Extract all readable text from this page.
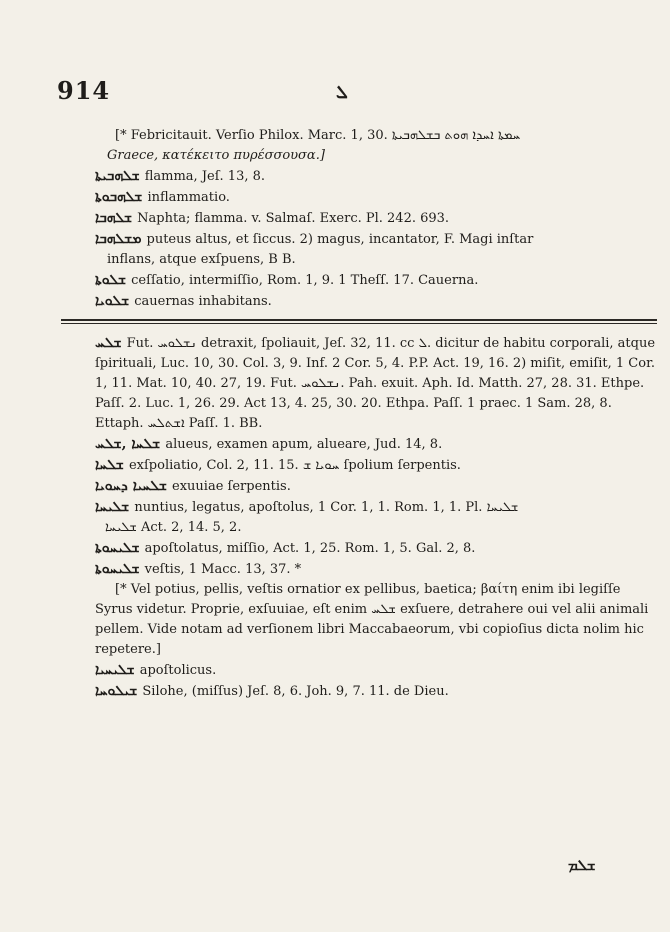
914	ܠ
[* Febricitauit. Verſio Philox. Marc. 1, 30. ܚܡܬܐ ܐܚܕܐ ܗܘܬ ܒܫܠܗܒܝܬܐ
Graece, κατέκειτο πυρέσσουσα.]
ܫܠܗܒܝܬܐ flamma, Jeſ. 13, 8.
ܫܠܗܒܘܬܐ inflammatio.
ܫܠܗܒܐ Naphta; flamma. v. Salmaſ. Exerc. Pl. 242. 693.
ܡܫܠܗܒܐ puteus altus, et ſiccus. 2) magus, incantator, F. Magi inſtar
inflans, atque exſpuens, B B.
ܫܠܘܬܐ ceſſatio, intermiſſio, Rom. 1, 9. 1 Theſſ. 17. Cauerna.
ܫܠܘܝܐ cauernas inhabitans.
ܫܠܚ Fut. ܢܫܠܘܚ detraxit, ſpoliauit, Jeſ. 32, 11. cc ܠ. dicitur de habitu corporali, atque ſpirituali, Luc. 10, 30. Col. 3, 9. Inf. 2 Cor. 5, 4. P.P. Act. 19, 16. 2) miſit, emiſit, 1 Cor. 1, 11. Mat. 10, 40. 27, 19. Fut. ܢܫܠܘܚ. Pah. exuit. Aph. Id. Matth. 27, 28. 31. Ethpe. Paſſ. 2. Luc. 1, 26. 29. Act 13, 4. 25, 30. 20. Ethpa. Paſſ. 1 praec. 1 Sam. 28, 8. Ettaph. ܐܫܬܠܚ Paſſ. 1. BB.
ܫܠܚܐ ,ܫܠܚ alueus, examen apum, alueare, Jud. 14, 8.
ܫܠܚܐ exſpoliatio, Col. 2, 11. 15. ܚܘܝܐ ܫ ſpolium ſerpentis.
ܫܠܚܝܐ ܕܚܘܝܐ exuuiae ſerpentis.
ܫܠܝܚܐ nuntius, legatus, apoſtolus, 1 Cor. 1, 1. Rom. 1, 1. Pl. ܫܠܝܚܐ
ܫܠܝܚܐ Act. 2, 14. 5, 2.
ܫܠܝܚܘܬܐ apoſtolatus, miſſio, Act. 1, 25. Rom. 1, 5. Gal. 2, 8.
ܫܠܝܚܘܬܐ veſtis, 1 Macc. 13, 37. *
[* Vel potius, pellis, veſtis ornatior ex pellibus, baetica; βαίτη enim ibi legiſſe Syrus videtur. Proprie, exſuuiae, eſt enim ܫܠܚ exſuere, detrahere oui vel alii animali pellem. Vide notam ad verſionem libri Maccabaeorum, vbi copioſius dicta nolim hic repetere.]
ܫܠܝܚܝܐ apoſtolicus.
ܫܝܠܘܚܐ Silohe, (miſſus) Jeſ. 8, 6. Joh. 9, 7. 11. de Dieu.
ܫܠܡ
